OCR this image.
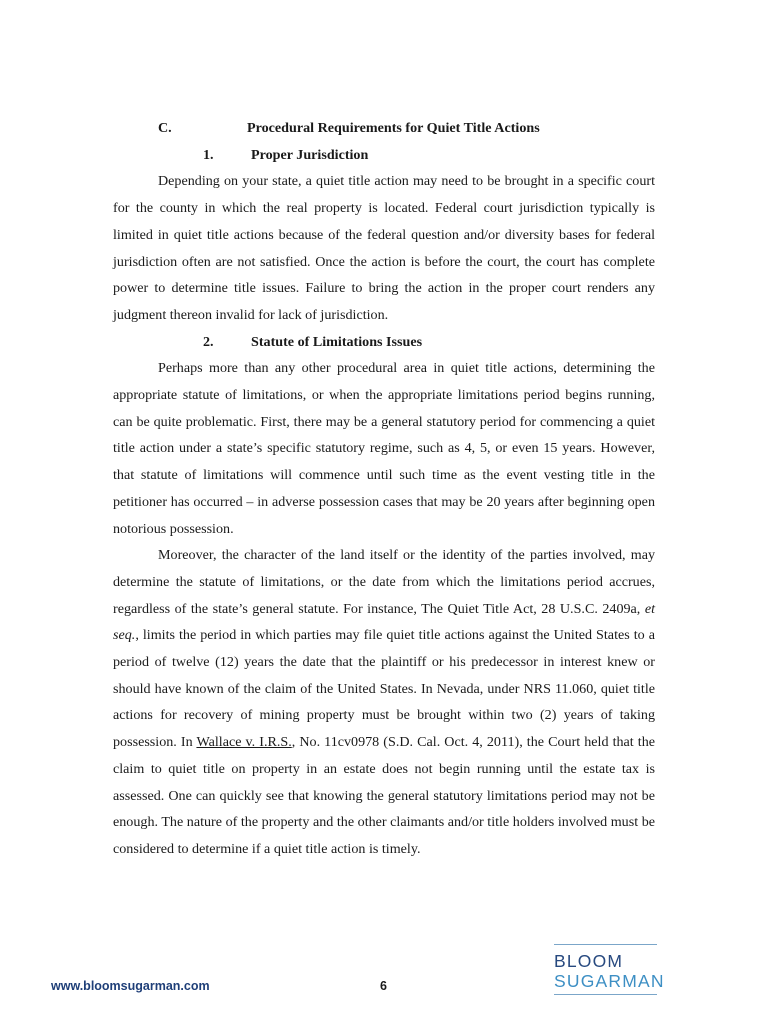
C.	Procedural Requirements for Quiet Title Actions
1.	Proper Jurisdiction

Depending on your state, a quiet title action may need to be brought in a specific court for the county in which the real property is located. Federal court jurisdiction typically is limited in quiet title actions because of the federal question and/or diversity bases for federal jurisdiction often are not satisfied. Once the action is before the court, the court has complete power to determine title issues. Failure to bring the action in the proper court renders any judgment thereon invalid for lack of jurisdiction.

2.	Statute of Limitations Issues

Perhaps more than any other procedural area in quiet title actions, determining the appropriate statute of limitations, or when the appropriate limitations period begins running, can be quite problematic. First, there may be a general statutory period for commencing a quiet title action under a state’s specific statutory regime, such as 4, 5, or even 15 years. However, that statute of limitations will commence until such time as the event vesting title in the petitioner has occurred – in adverse possession cases that may be 20 years after beginning open notorious possession.

Moreover, the character of the land itself or the identity of the parties involved, may determine the statute of limitations, or the date from which the limitations period accrues, regardless of the state’s general statute. For instance, The Quiet Title Act, 28 U.S.C. 2409a, et seq., limits the period in which parties may file quiet title actions against the United States to a period of twelve (12) years the date that the plaintiff or his predecessor in interest knew or should have known of the claim of the United States. In Nevada, under NRS 11.060, quiet title actions for recovery of mining property must be brought within two (2) years of taking possession. In Wallace v. I.R.S., No. 11cv0978 (S.D. Cal. Oct. 4, 2011), the Court held that the claim to quiet title on property in an estate does not begin running until the estate tax is assessed. One can quickly see that knowing the general statutory limitations period may not be enough. The nature of the property and the other claimants and/or title holders involved must be considered to determine if a quiet title action is timely.

www.bloomsugarman.com	6
BLOOM
SUGARMAN
